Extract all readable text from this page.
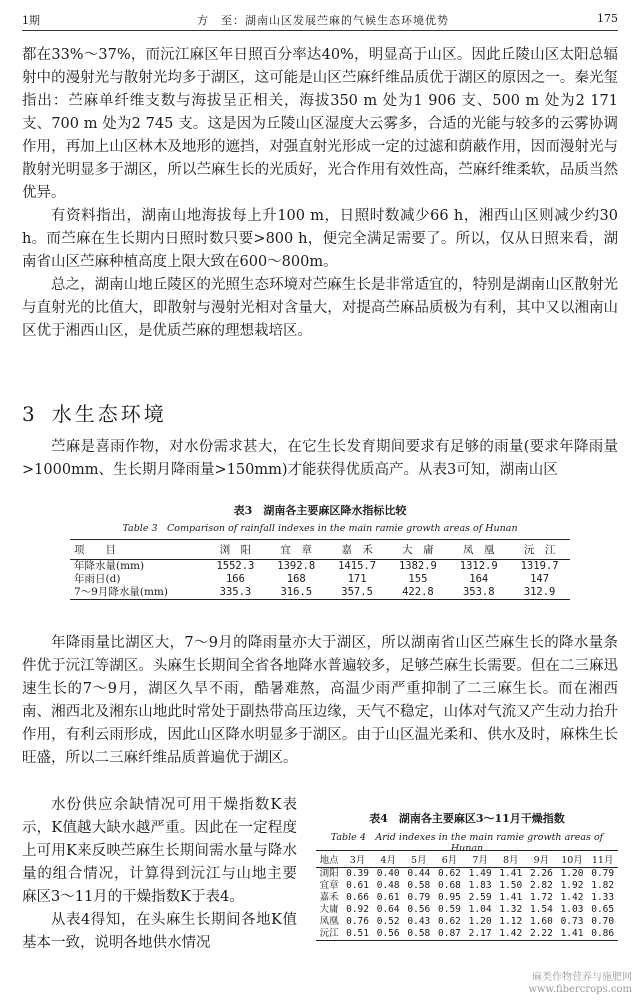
1期	方　至：湖南山区发展苎麻的气候生态环境优势	175

都在33%～37%，而沅江麻区年日照百分率达40%，明显高于山区。因此丘陵山区太阳总辐射中的漫射光与散射光均多于湖区，这可能是山区苎麻纤维品质优于湖区的原因之一。秦光玺指出：苎麻单纤维支数与海拔呈正相关，海拔350 m 处为1 906 支、500 m 处为2 171 支、700 m 处为2 745 支。这是因为丘陵山区湿度大云雾多，合适的光能与较多的云雾协调作用，再加上山区林木及地形的遮挡，对强直射光形成一定的过滤和荫蔽作用，因而漫射光与散射光明显多于湖区，所以苎麻生长的光质好，光合作用有效性高，苎麻纤维柔软，品质当然优异。

有资料指出，湖南山地海拔每上升100 m，日照时数减少66 h，湘西山区则减少约30 h。而苎麻在生长期内日照时数只要>800 h，便完全满足需要了。所以，仅从日照来看，湖南省山区苎麻种植高度上限大致在600～800m。

总之，湖南山地丘陵区的光照生态环境对苎麻生长是非常适宜的，特别是湖南山区散射光与直射光的比值大，即散射与漫射光相对含量大，对提高苎麻品质极为有利，其中又以湘南山区优于湘西山区，是优质苎麻的理想栽培区。

3 水生态环境

苎麻是喜雨作物，对水份需求甚大，在它生长发育期间要求有足够的雨量(要求年降雨量>1000mm、生长期月降雨量>150mm)才能获得优质高产。从表3可知，湖南山区

表3　湖南各主要麻区降水指标比较
Table 3　Comparison of rainfall indexes in the main ramie growth areas of Hunan
项　　目	浏　阳	宜　章	嘉　禾	大　庸	凤　凰	沅　江
年降水量(mm)	1552.3	1392.8	1415.7	1382.9	1312.9	1319.7
年雨日(d)	166	168	171	155	164	147
7～9月降水量(mm)	335.3	316.5	357.5	422.8	353.8	312.9

年降雨量比湖区大，7～9月的降雨量亦大于湖区，所以湖南省山区苎麻生长的降水量条件优于沅江等湖区。头麻生长期间全省各地降水普遍较多，足够苎麻生长需要。但在二三麻迅速生长的7～9月，湖区久旱不雨，酷暑难熬，高温少雨严重抑制了二三麻生长。而在湘西南、湘西北及湘东山地此时常处于副热带高压边缘，天气不稳定，山体对气流又产生动力抬升作用，有利云雨形成，因此山区降水明显多于湖区。由于山区温光柔和、供水及时，麻株生长旺盛，所以二三麻纤维品质普遍优于湖区。

水份供应余缺情况可用干燥指数K表示，K值越大缺水越严重。因此在一定程度上可用K来反映苎麻生长期间需水量与降水量的组合情况，计算得到沅江与山地主要麻区3～11月的干燥指数K于表4。

从表4得知，在头麻生长期间各地K值基本一致，说明各地供水情况

表4　湖南各主要麻区3～11月干燥指数
Table 4　Arid indexes in the main ramie growth areas of Hunan
地点	3月	4月	5月	6月	7月	8月	9月	10月	11月
浏阳	0.39	0.40	0.44	0.62	1.49	1.41	2.26	1.20	0.79
宜章	0.61	0.48	0.58	0.68	1.83	1.50	2.82	1.92	1.82
嘉禾	0.66	0.61	0.79	0.95	2.59	1.41	1.72	1.42	1.33
大庸	0.92	0.64	0.56	0.59	1.04	1.32	1.54	1.03	0.65
凤凰	0.76	0.52	0.43	0.62	1.20	1.12	1.60	0.73	0.70
沅江	0.51	0.56	0.58	0.87	2.17	1.42	2.22	1.41	0.86
麻类作物营养与施肥网
www.fibercrops.com
